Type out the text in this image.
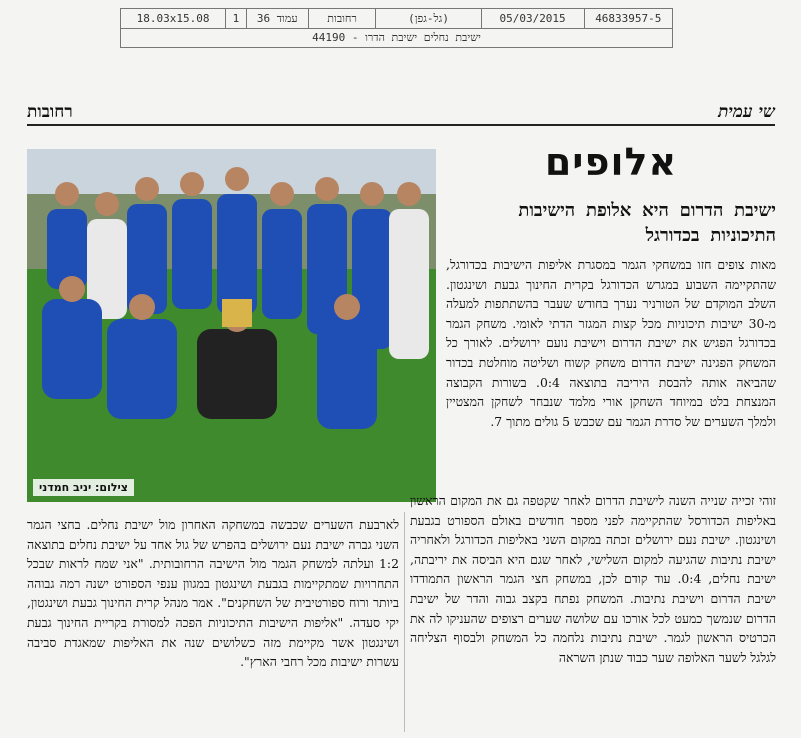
18.03x15.08	1	עמוד 36	רחובות	(גל-גפן)	05/03/2015	46833957-5
ישיבת נחלים ישיבת הדרו - 44190
רחובות	שי עמית
צילום: יניב חמדני
אלופים
ישיבת הדרום היא אלופת הישיבות התיכוניות בכדורגל

מאות צופים חזו במשחקי הגמר במסגרת אליפות הישיבות בכדורגל, שהתקיימה השבוע במגרש הכדורגל בקרית החינוך גבעת ושינגטון. השלב המוקדם של הטורניר נערך בחודש שעבר בהשתתפות למעלה מ-30 ישיבות תיכוניות מכל קצות המגזר הדתי לאומי. משחק הגמר בכדורגל הפגיש את ישיבת הדרום וישיבת נועם ירושלים. לאורך כל המשחק הפגינה ישיבת הדרום משחק קשוח ושליטה מוחלטת בכדור שהביאה אותה להבסת היריבה בתוצאה 0:4. בשורות הקבוצה המנצחת בלט במיוחד השחקן אורי מלמד שנבחר לשחקן המצטיין ולמלך השערים של סדרת הגמר עם שכבש 5 גולים מתוך 7.

זוהי זכייה שנייה השנה לישיבת הדרום לאחר שקטפה גם את המקום הראשון באליפות הכדורסל שהתקיימה לפני מספר חודשים באולם הספורט בגבעת ושינגטון. ישיבת נעם ירושלים זכתה במקום השני באליפות הכדורגל ולאחריה ישיבת נתיבות שהגיעה למקום השלישי, לאחר שגם היא הביסה את יריבתה, ישיבת נחלים, 0:4. עוד קודם לכן, במשחק חצי הגמר הראשון התמודדו ישיבת הדרום וישיבת נתיבות. המשחק נפתח בקצב גבוה והדר של ישיבת הדרום שנמשך כמעט לכל אורכו עם שלושה שערים רצופים שהעניקו לה את הכרטיס הראשון לגמר. ישיבת נתיבות נלחמה כל המשחק ולבסוף הצליחה לגלגל לשער האלופה שער כבוד שנתן השראה

לארבעת השערים שכבשה במשחקה האחרון מול ישיבת נחלים. בחצי הגמר השני גברה ישיבת נעם ירושלים בהפרש של גול אחד על ישיבת נחלים בתוצאה 1:2 ועלתה למשחק הגמר מול הישיבה הרחובותית. "אני שמח לראות שבכל התחרויות שמתקיימות בגבעת ושינגטון במגוון ענפי הספורט ישנה רמה גבוהה ביותר ורוח ספורטיבית של השחקנים". אמר מנהל קרית החינוך גבעת ושינגטון, יקי סעדה. "אליפות הישיבות התיכוניות הפכה למסורת בקריית החינוך גבעת ושינגטון אשר מקיימת מזה כשלושים שנה את האליפות שמאגדת סביבה עשרות ישיבות מכל רחבי הארץ".
